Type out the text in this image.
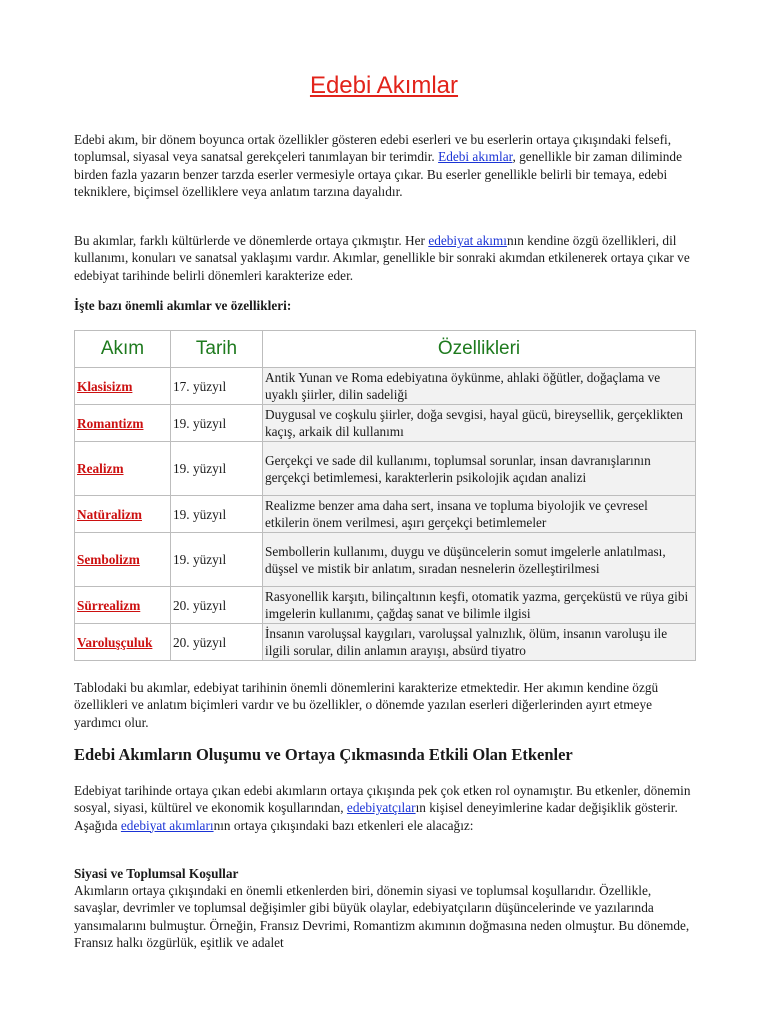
Edebi Akımlar

Edebi akım, bir dönem boyunca ortak özellikler gösteren edebi eserleri ve bu eserlerin ortaya çıkışındaki felsefi, toplumsal, siyasal veya sanatsal gerekçeleri tanımlayan bir terimdir. Edebi akımlar, genellikle bir zaman diliminde birden fazla yazarın benzer tarzda eserler vermesiyle ortaya çıkar. Bu eserler genellikle belirli bir temaya, edebi tekniklere, biçimsel özelliklere veya anlatım tarzına dayalıdır.

Bu akımlar, farklı kültürlerde ve dönemlerde ortaya çıkmıştır. Her edebiyat akımının kendine özgü özellikleri, dil kullanımı, konuları ve sanatsal yaklaşımı vardır. Akımlar, genellikle bir sonraki akımdan etkilenerek ortaya çıkar ve edebiyat tarihinde belirli dönemleri karakterize eder.

İşte bazı önemli akımlar ve özellikleri:

Akım	Tarih	Özellikleri
Klasisizm	17. yüzyıl	Antik Yunan ve Roma edebiyatına öykünme, ahlaki öğütler, doğaçlama ve uyaklı şiirler, dilin sadeliği
Romantizm	19. yüzyıl	Duygusal ve coşkulu şiirler, doğa sevgisi, hayal gücü, bireysellik, gerçeklikten kaçış, arkaik dil kullanımı
Realizm	19. yüzyıl	Gerçekçi ve sade dil kullanımı, toplumsal sorunlar, insan davranışlarının gerçekçi betimlemesi, karakterlerin psikolojik açıdan analizi
Natüralizm	19. yüzyıl	Realizme benzer ama daha sert, insana ve topluma biyolojik ve çevresel etkilerin önem verilmesi, aşırı gerçekçi betimlemeler
Sembolizm	19. yüzyıl	Sembollerin kullanımı, duygu ve düşüncelerin somut imgelerle anlatılması, düşsel ve mistik bir anlatım, sıradan nesnelerin özelleştirilmesi
Sürrealizm	20. yüzyıl	Rasyonellik karşıtı, bilinçaltının keşfi, otomatik yazma, gerçeküstü ve rüya gibi imgelerin kullanımı, çağdaş sanat ve bilimle ilgisi
Varoluşçuluk	20. yüzyıl	İnsanın varoluşsal kaygıları, varoluşsal yalnızlık, ölüm, insanın varoluşu ile ilgili sorular, dilin anlamın arayışı, absürd tiyatro

Tablodaki bu akımlar, edebiyat tarihinin önemli dönemlerini karakterize etmektedir. Her akımın kendine özgü özellikleri ve anlatım biçimleri vardır ve bu özellikler, o dönemde yazılan eserleri diğerlerinden ayırt etmeye yardımcı olur.

Edebi Akımların Oluşumu ve Ortaya Çıkmasında Etkili Olan Etkenler

Edebiyat tarihinde ortaya çıkan edebi akımların ortaya çıkışında pek çok etken rol oynamıştır. Bu etkenler, dönemin sosyal, siyasi, kültürel ve ekonomik koşullarından, edebiyatçıların kişisel deneyimlerine kadar değişiklik gösterir. Aşağıda edebiyat akımlarının ortaya çıkışındaki bazı etkenleri ele alacağız:

Siyasi ve Toplumsal Koşullar

Akımların ortaya çıkışındaki en önemli etkenlerden biri, dönemin siyasi ve toplumsal koşullarıdır. Özellikle, savaşlar, devrimler ve toplumsal değişimler gibi büyük olaylar, edebiyatçıların düşüncelerinde ve yazılarında yansımalarını bulmuştur. Örneğin, Fransız Devrimi, Romantizm akımının doğmasına neden olmuştur. Bu dönemde, Fransız halkı özgürlük, eşitlik ve adalet
